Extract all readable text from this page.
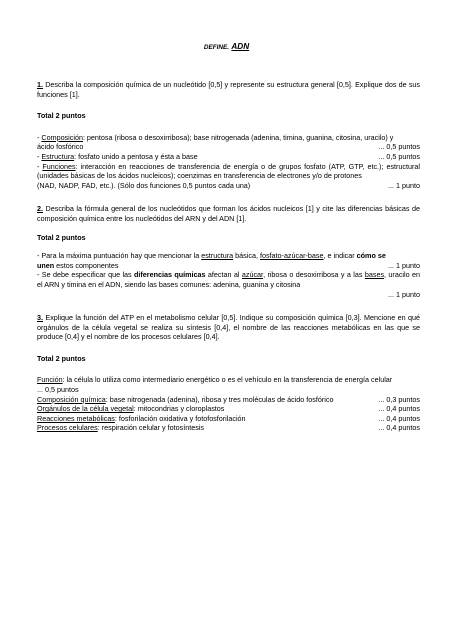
DEFINE. ADN

1. Describa la composición química de un nucleótido [0,5] y represente su estructura general [0,5]. Explique dos de sus funciones [1].

Total 2 puntos

- Composición: pentosa (ribosa o desoxirribosa); base nitrogenada (adenina, timina, guanina, citosina, uracilo) y

ácido fosfórico	... 0,5 puntos
- Estructura: fosfato unido a pentosa y ésta a base	... 0,5 puntos

- Funciones: interacción en reacciones de transferencia de energía o de grupos fosfato (ATP, GTP, etc.); estructural (unidades básicas de los ácidos nucleicos); coenzimas en transferencia de electrones y/o de protones

(NAD, NADP, FAD, etc.). (Sólo dos funciones 0,5 puntos cada una)	... 1 punto

2. Describa la fórmula general de los nucleótidos que forman los ácidos nucleicos [1] y cite las diferencias básicas de composición química entre los nucleótidos del ARN y del ADN [1].

Total 2 puntos

- Para la máxima puntuación hay que mencionar la estructura básica, fosfato-azúcar-base, e indicar cómo se

unen estos componentes	... 1 punto

- Se debe especificar que las diferencias químicas afectan al azúcar, ribosa o desoxirribosa y a las bases, uracilo en el ARN y timina en el ADN, siendo las bases comunes: adenina, guanina y citosina

... 1 punto

3. Explique la función del ATP en el metabolismo celular [0,5]. Indique su composición química [0,3]. Mencione en qué orgánulos de la célula vegetal se realiza su síntesis [0,4], el nombre de las reacciones metabólicas en las que se produce [0,4] y el nombre de los procesos celulares [0,4].

Total 2 puntos

Función: la célula lo utiliza como intermediario energético o es el vehículo en la transferencia de energía celular

... 0,5 puntos

Composición química: base nitrogenada (adenina), ribosa y tres moléculas de ácido fosfórico	... 0,3 puntos
Orgánulos de la célula vegetal: mitocondrias y cloroplastos	... 0,4 puntos
Reacciones metabólicas: fosforilación oxidativa y fotofosforilación	... 0,4 puntos
Procesos celulares: respiración celular y fotosíntesis	... 0,4 puntos
